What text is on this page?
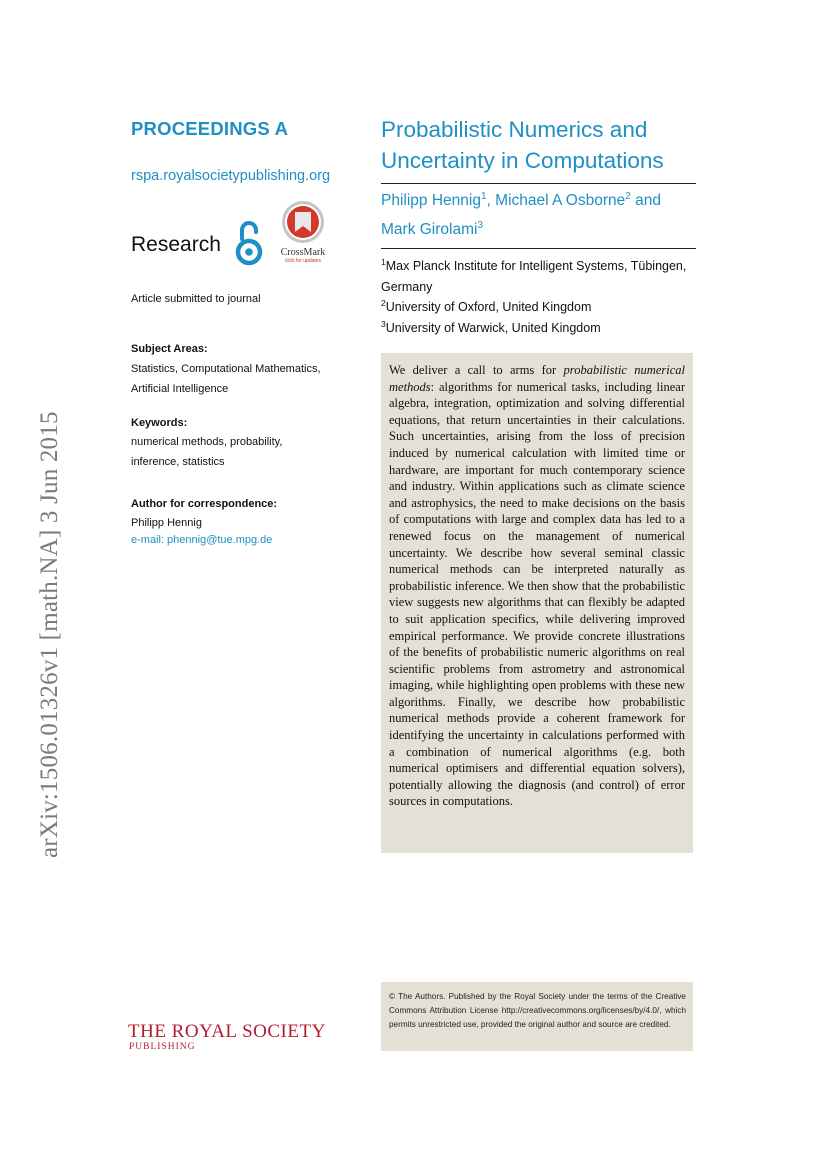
arXiv:1506.01326v1 [math.NA] 3 Jun 2015
PROCEEDINGS A
rspa.royalsocietypublishing.org
Research	CrossMark
click for updates
Article submitted to journal
Subject Areas:
Statistics, Computational Mathematics, Artificial Intelligence
Keywords:
numerical methods, probability, inference, statistics
Author for correspondence:
Philipp Hennig
e-mail: phennig@tue.mpg.de
Probabilistic Numerics and Uncertainty in Computations
Philipp Hennig$^1$, Michael A Osborne$^2$ and
Mark Girolami$^3$
$^1$Max Planck Institute for Intelligent Systems, Tübingen, Germany
$^2$University of Oxford, United Kingdom
$^3$University of Warwick, United Kingdom
We deliver a call to arms for probabilistic numerical methods: algorithms for numerical tasks, including linear algebra, integration, optimization and solving differential equations, that return uncertainties in their calculations. Such uncertainties, arising from the loss of precision induced by numerical calculation with limited time or hardware, are important for much contemporary science and industry. Within applications such as climate science and astrophysics, the need to make decisions on the basis of computations with large and complex data has led to a renewed focus on the management of numerical uncertainty. We describe how several seminal classic numerical methods can be interpreted naturally as probabilistic inference. We then show that the probabilistic view suggests new algorithms that can flexibly be adapted to suit application specifics, while delivering improved empirical performance. We provide concrete illustrations of the benefits of probabilistic numeric algorithms on real scientific problems from astrometry and astronomical imaging, while highlighting open problems with these new algorithms. Finally, we describe how probabilistic numerical methods provide a coherent framework for identifying the uncertainty in calculations performed with a combination of numerical algorithms (e.g. both numerical optimisers and differential equation solvers), potentially allowing the diagnosis (and control) of error sources in computations.
© The Authors. Published by the Royal Society under the terms of the Creative Commons Attribution License http://creativecommons.org/licenses/by/4.0/, which permits unrestricted use, provided the original author and source are credited.
THE ROYAL SOCIETY
PUBLISHING
